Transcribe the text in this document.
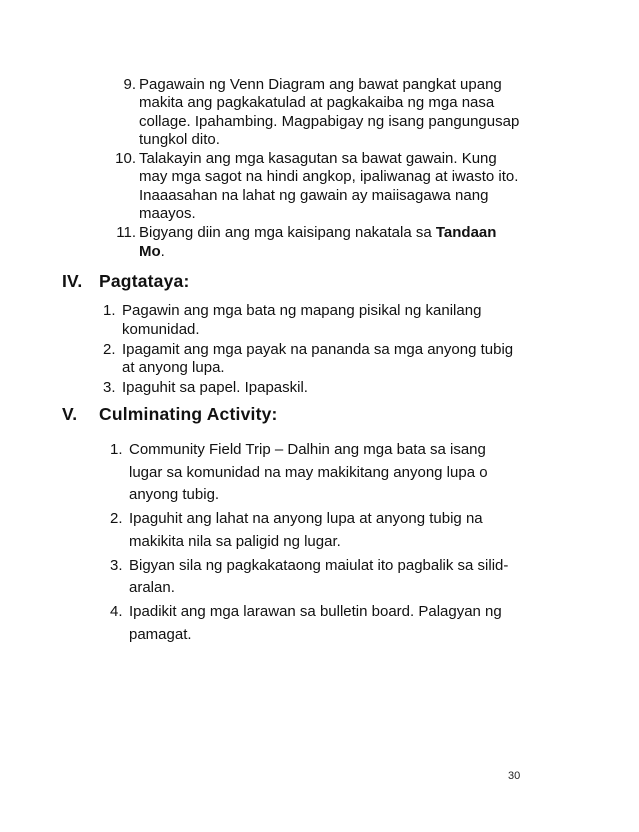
9. Pagawain ng Venn Diagram ang bawat pangkat upang makita ang pagkakatulad at pagkakaiba ng mga nasa collage. Ipahambing. Magpabigay ng isang pangungusap tungkol dito.
10. Talakayin ang mga kasagutan sa bawat gawain. Kung may mga sagot na hindi angkop, ipaliwanag at iwasto ito. Inaaasahan na lahat ng gawain ay maiisagawa nang maayos.
11. Bigyang diin ang mga kaisipang nakatala sa Tandaan Mo.
IV. Pagtataya:
1. Pagawin ang mga bata ng mapang pisikal ng kanilang komunidad.
2. Ipagamit ang mga payak na pananda sa mga anyong tubig at anyong lupa.
3. Ipaguhit sa papel. Ipapaskil.
V. Culminating Activity:
1. Community Field Trip – Dalhin ang mga bata sa isang lugar sa komunidad na may makikitang anyong lupa o anyong tubig.
2. Ipaguhit ang lahat na anyong lupa at anyong tubig na makikita nila sa paligid ng lugar.
3. Bigyan sila ng pagkakataong maiulat ito pagbalik sa silid-aralan.
4. Ipadikit ang mga larawan sa bulletin board. Palagyan ng pamagat.
30
